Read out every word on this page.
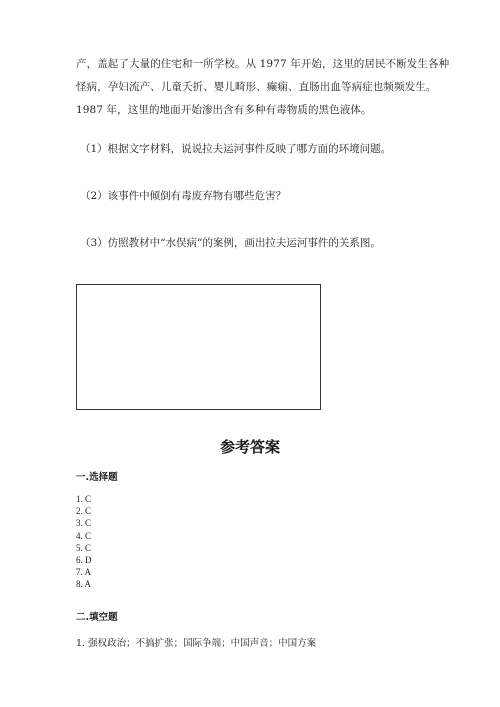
产，盖起了大量的住宅和一所学校。从 1977 年开始，这里的居民不断发生各种
怪病，孕妇流产、儿童夭折、婴儿畸形、癫痫、直肠出血等病症也频频发生。
1987 年，这里的地面开始渗出含有多种有毒物质的黑色液体。
（1）根据文字材料，说说拉夫运河事件反映了哪方面的环境问题。
（2）该事件中倾倒有毒废弃物有哪些危害？
（3）仿照教材中“水俣病”的案例，画出拉夫运河事件的关系图。
参考答案
一.选择题
1. C
2. C
3. C
4. C
5. C
6. D
7. A
8. A
二.填空题
1. 强权政治；不搞扩张；国际争端；中国声音；中国方案
